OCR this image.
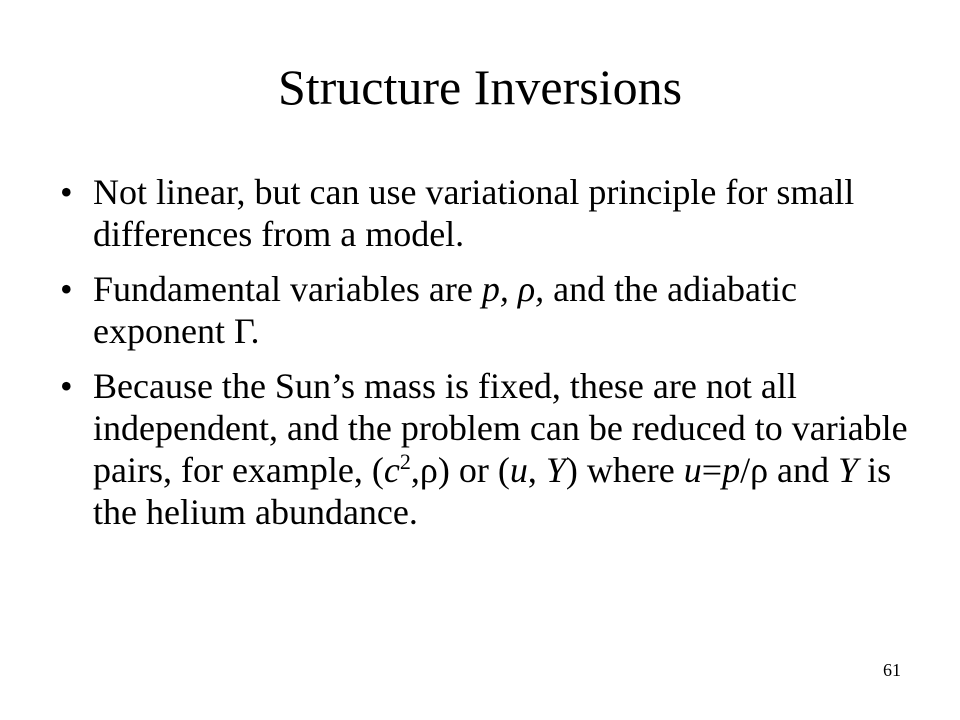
Structure Inversions
• Not linear, but can use variational principle for small differences from a model.
• Fundamental variables are p, ρ, and the adiabatic exponent Γ.
• Because the Sun’s mass is fixed, these are not all independent, and the problem can be reduced to variable pairs, for example, $(c^2,\rho)$ or (u, Y) where u=p/ρ and Y is the helium abundance.
61
